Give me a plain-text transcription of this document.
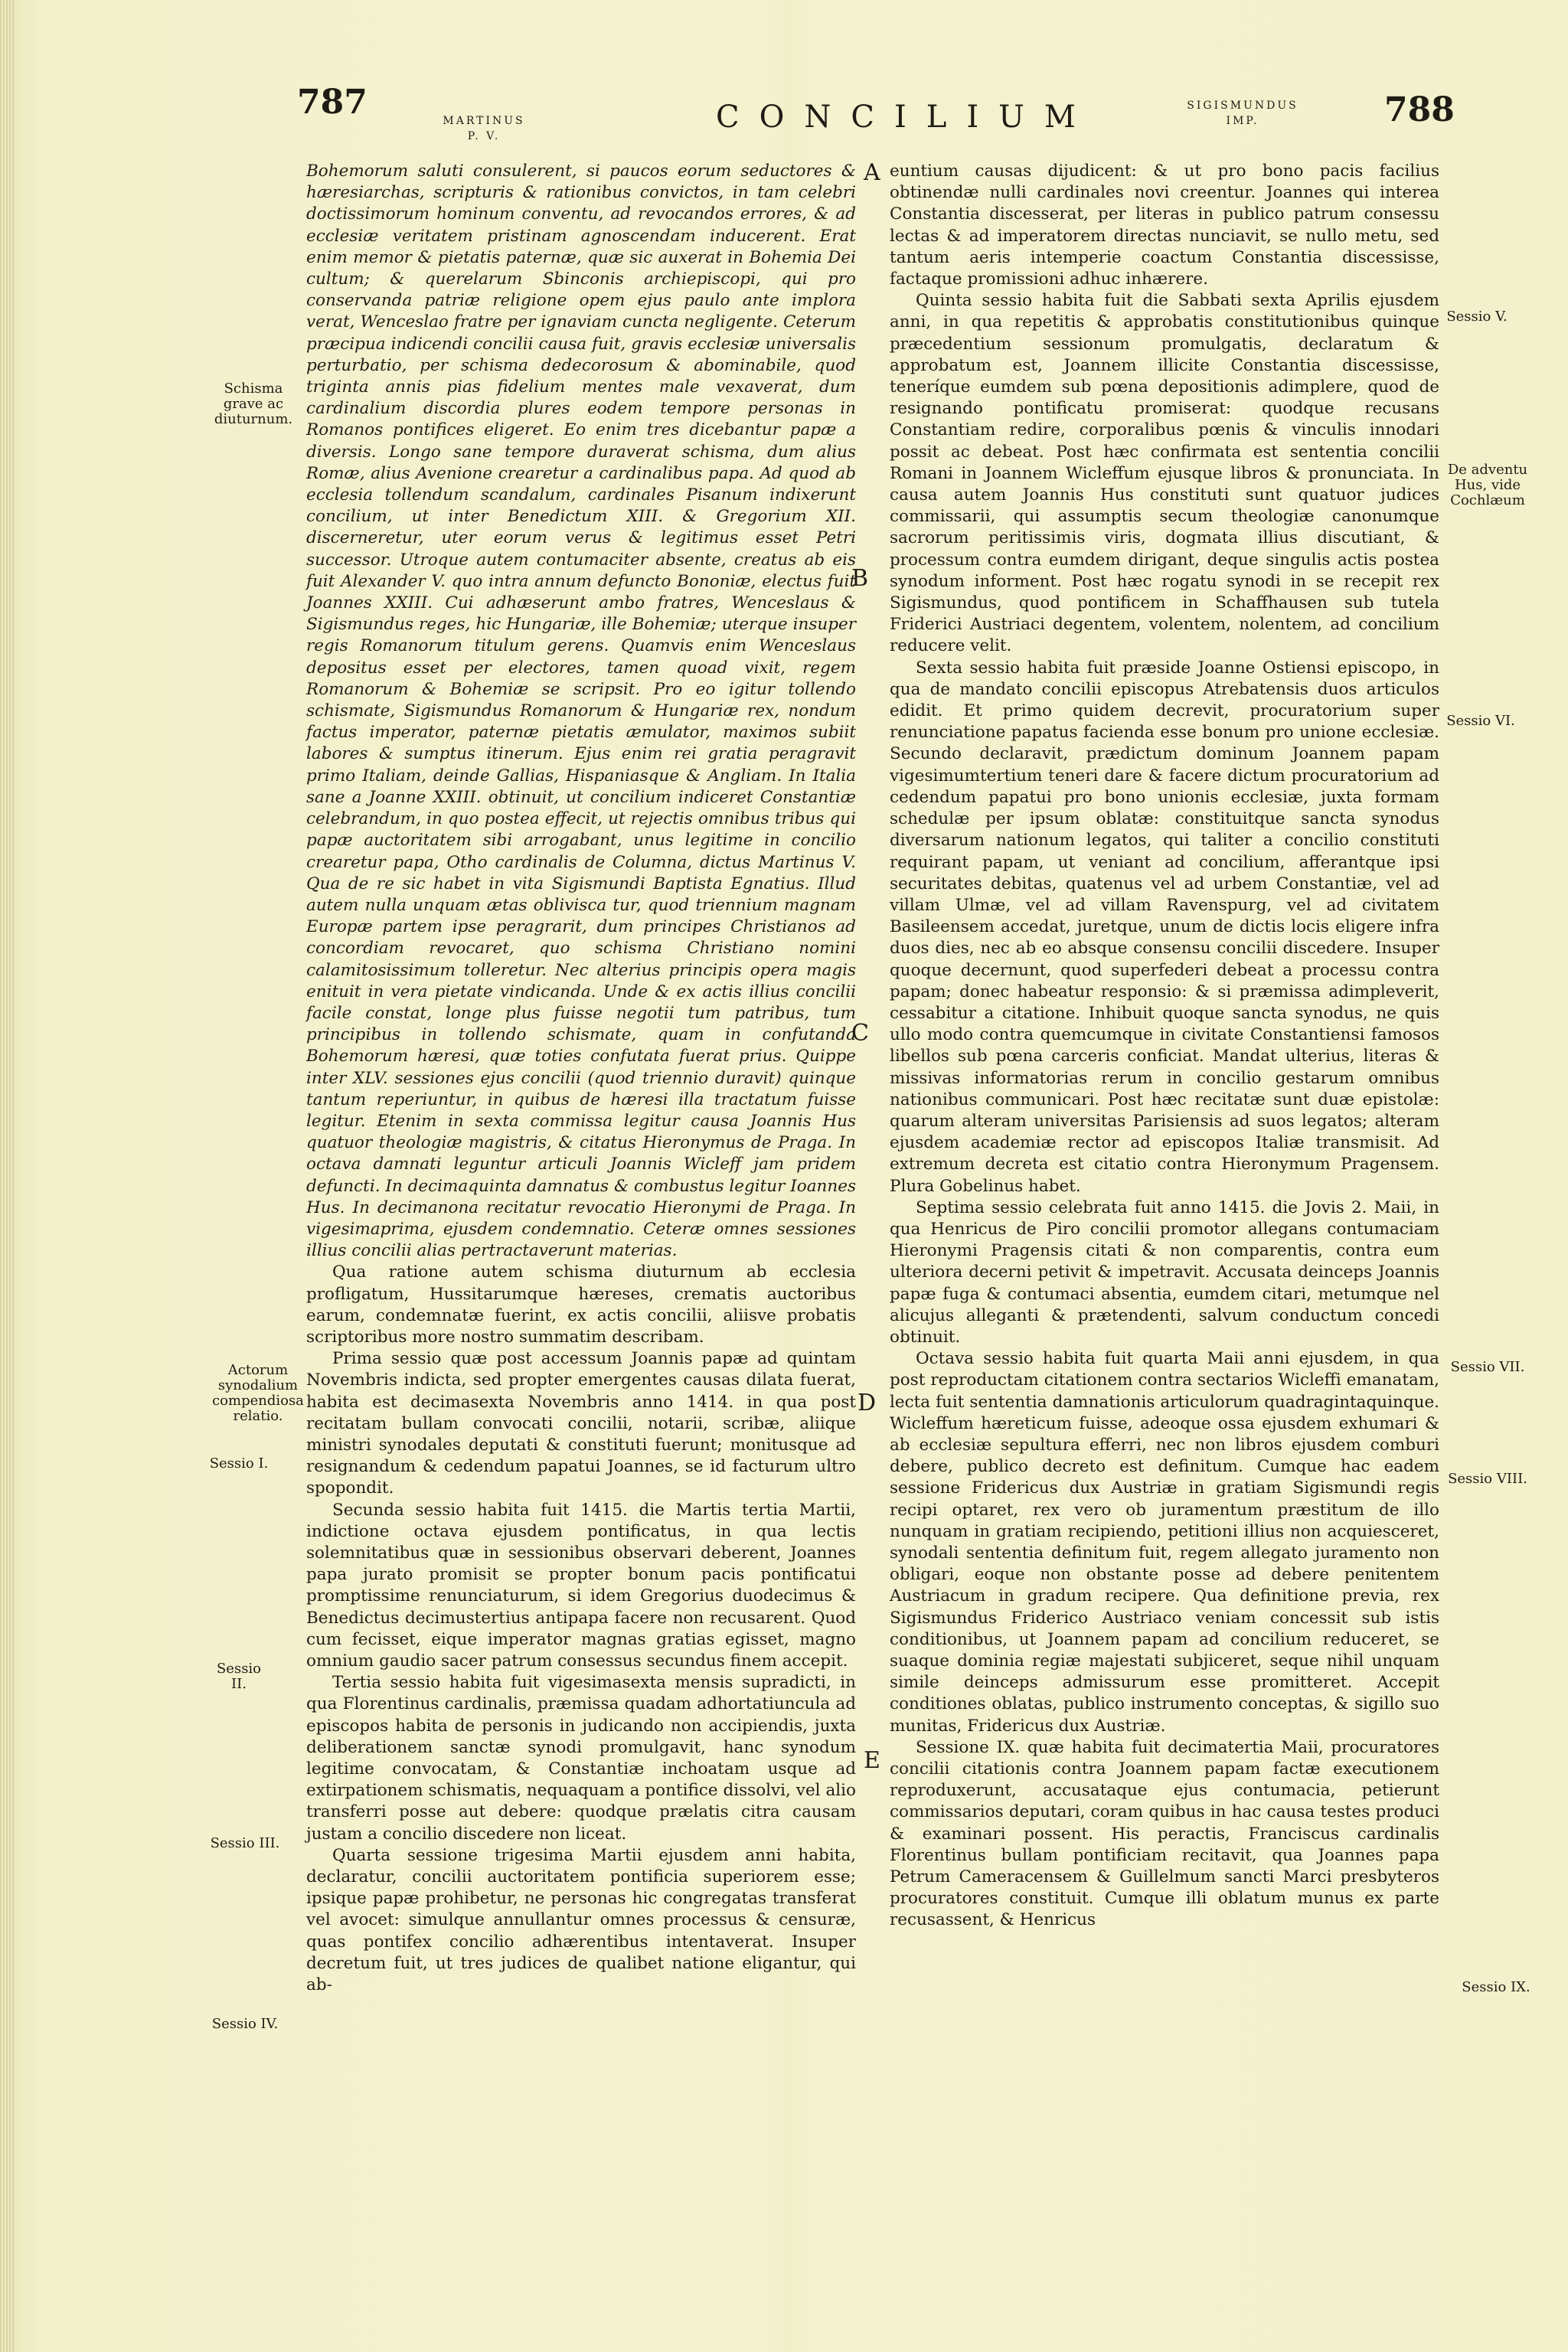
787	MARTINUS
P. V.
CONCILIUM	SIGISMUNDUS
IMP.	788
A
B
C
D
E
Schisma grave ac diuturnum.
Actorum synodalium compendiosa relatio.
Sessio I.
Sessio II.
Sessio III.
Sessio IV.
Sessio V.
De adventu Hus, vide Cochlæum
Sessio VI.
Sessio VII.
Sessio VIII.
Sessio IX.

Bohemorum saluti consulerent, si paucos eorum seductores & hæresiarchas, scripturis & rationibus convictos, in tam celebri doctissimorum hominum conventu, ad revocandos errores, & ad ecclesiæ veritatem pristinam agnoscendam inducerent. Erat enim memor & pietatis paternæ, quæ sic auxerat in Bohemia Dei cultum; & querelarum Sbinconis archiepiscopi, qui pro conservanda patriæ religione opem ejus paulo ante implora verat, Wenceslao fratre per ignaviam cuncta negligente. Ceterum præcipua indicendi concilii causa fuit, gravis ecclesiæ universalis perturbatio, per schisma dedecorosum & abominabile, quod triginta annis pias fidelium mentes male vexaverat, dum cardinalium discordia plures eodem tempore personas in Romanos pontifices eligeret. Eo enim tres dicebantur papæ a diversis. Longo sane tempore duraverat schisma, dum alius Romæ, alius Avenione crearetur a cardinalibus papa. Ad quod ab ecclesia tollendum scandalum, cardinales Pisanum indixerunt concilium, ut inter Benedictum XIII. & Gregorium XII. discerneretur, uter eorum verus & legitimus esset Petri successor. Utroque autem contumaciter absente, creatus ab eis fuit Alexander V. quo intra annum defuncto Bononiæ, electus fuit Joannes XXIII. Cui adhæserunt ambo fratres, Wenceslaus & Sigismundus reges, hic Hungariæ, ille Bohemiæ; uterque insuper regis Romanorum titulum gerens. Quamvis enim Wenceslaus depositus esset per electores, tamen quoad vixit, regem Romanorum & Bohemiæ se scripsit. Pro eo igitur tollendo schismate, Sigismundus Romanorum & Hungariæ rex, nondum factus imperator, paternæ pietatis æmulator, maximos subiit labores & sumptus itinerum. Ejus enim rei gratia peragravit primo Italiam, deinde Gallias, Hispaniasque & Angliam. In Italia sane a Joanne XXIII. obtinuit, ut concilium indiceret Constantiæ celebrandum, in quo postea effecit, ut rejectis omnibus tribus qui papæ auctoritatem sibi arrogabant, unus legitime in concilio crearetur papa, Otho cardinalis de Columna, dictus Martinus V. Qua de re sic habet in vita Sigismundi Baptista Egnatius. Illud autem nulla unquam ætas oblivisca tur, quod triennium magnam Europæ partem ipse peragrarit, dum principes Christianos ad concordiam revocaret, quo schisma Christiano nomini calamitosissimum tolleretur. Nec alterius principis opera magis enituit in vera pietate vindicanda. Unde & ex actis illius concilii facile constat, longe plus fuisse negotii tum patribus, tum principibus in tollendo schismate, quam in confutanda Bohemorum hæresi, quæ toties confutata fuerat prius. Quippe inter XLV. sessiones ejus concilii (quod triennio duravit) quinque tantum reperiuntur, in quibus de hæresi illa tractatum fuisse legitur. Etenim in sexta commissa legitur causa Joannis Hus quatuor theologiæ magistris, & citatus Hieronymus de Praga. In octava damnati leguntur articuli Joannis Wicleff jam pridem defuncti. In decimaquinta damnatus & combustus legitur Ioannes Hus. In decimanona recitatur revocatio Hieronymi de Praga. In vigesimaprima, ejusdem condemnatio. Ceteræ omnes sessiones illius concilii alias pertractaverunt materias.

Qua ratione autem schisma diuturnum ab ecclesia profligatum, Hussitarumque hæreses, crematis auctoribus earum, condemnatæ fuerint, ex actis concilii, aliisve probatis scriptoribus more nostro summatim describam.

Prima sessio quæ post accessum Joannis papæ ad quintam Novembris indicta, sed propter emergentes causas dilata fuerat, habita est decimasexta Novembris anno 1414. in qua post recitatam bullam convocati concilii, notarii, scribæ, aliique ministri synodales deputati & constituti fuerunt; monitusque ad resignandum & cedendum papatui Joannes, se id facturum ultro spopondit.

Secunda sessio habita fuit 1415. die Martis tertia Martii, indictione octava ejusdem pontificatus, in qua lectis solemnitatibus quæ in sessionibus observari deberent, Joannes papa jurato promisit se propter bonum pacis pontificatui promptissime renunciaturum, si idem Gregorius duodecimus & Benedictus decimustertius antipapa facere non recusarent. Quod cum fecisset, eique imperator magnas gratias egisset, magno omnium gaudio sacer patrum consessus secundus finem accepit.

Tertia sessio habita fuit vigesimasexta mensis supradicti, in qua Florentinus cardinalis, præmissa quadam adhortatiuncula ad episcopos habita de personis in judicando non accipiendis, juxta deliberationem sanctæ synodi promulgavit, hanc synodum legitime convocatam, & Constantiæ inchoatam usque ad extirpationem schismatis, nequaquam a pontifice dissolvi, vel alio transferri posse aut debere: quodque prælatis citra causam justam a concilio discedere non liceat.

Quarta sessione trigesima Martii ejusdem anni habita, declaratur, concilii auctoritatem pontificia superiorem esse; ipsique papæ prohibetur, ne personas hic congregatas transferat vel avocet: simulque annullantur omnes processus & censuræ, quas pontifex concilio adhærentibus intentaverat. Insuper decretum fuit, ut tres judices de qualibet natione eligantur, qui ab-

euntium causas dijudicent: & ut pro bono pacis facilius obtinendæ nulli cardinales novi creentur. Joannes qui interea Constantia discesserat, per literas in publico patrum consessu lectas & ad imperatorem directas nunciavit, se nullo metu, sed tantum aeris intemperie coactum Constantia discessisse, factaque promissioni adhuc inhærere.

Quinta sessio habita fuit die Sabbati sexta Aprilis ejusdem anni, in qua repetitis & approbatis constitutionibus quinque præcedentium sessionum promulgatis, declaratum & approbatum est, Joannem illicite Constantia discessisse, teneríque eumdem sub pœna depositionis adimplere, quod de resignando pontificatu promiserat: quodque recusans Constantiam redire, corporalibus pœnis & vinculis innodari possit ac debeat. Post hæc confirmata est sententia concilii Romani in Joannem Wicleffum ejusque libros & pronunciata. In causa autem Joannis Hus constituti sunt quatuor judices commissarii, qui assumptis secum theologiæ canonumque sacrorum peritissimis viris, dogmata illius discutiant, & processum contra eumdem dirigant, deque singulis actis postea synodum informent. Post hæc rogatu synodi in se recepit rex Sigismundus, quod pontificem in Schaffhausen sub tutela Friderici Austriaci degentem, volentem, nolentem, ad concilium reducere velit.

Sexta sessio habita fuit præside Joanne Ostiensi episcopo, in qua de mandato concilii episcopus Atrebatensis duos articulos edidit. Et primo quidem decrevit, procuratorium super renunciatione papatus faciendа esse bonum pro unione ecclesiæ. Secundo declaravit, prædictum dominum Joannem papam vigesimumtertium teneri dare & facere dictum procuratorium ad cedendum papatui pro bono unionis ecclesiæ, juxta formam schedulæ per ipsum oblatæ: constituitque sancta synodus diversarum nationum legatos, qui taliter a concilio constituti requirant papam, ut veniant ad concilium, afferantque ipsi securitates debitas, quatenus vel ad urbem Constantiæ, vel ad villam Ulmæ, vel ad villam Ravenspurg, vel ad civitatem Basileensem accedat, juretque, unum de dictis locis eligere infra duos dies, nec ab eo absque consensu concilii discedere. Insuper quoque decernunt, quod superfederi debeat a processu contra papam; donec habeatur responsio: & si præmissa adimpleverit, cessabitur a citatione. Inhibuit quoque sancta synodus, ne quis ullo modo contra quemcumque in civitate Constantiensi famosos libellos sub pœna carceris conficiat. Mandat ulterius, literas & missivas informatorias rerum in concilio gestarum omnibus nationibus communicari. Post hæc recitatæ sunt duæ epistolæ: quarum alteram universitas Parisiensis ad suos legatos; alteram ejusdem academiæ rector ad episcopos Italiæ transmisit. Ad extremum decreta est citatio contra Hieronymum Pragensem. Plura Gobelinus habet.

Septima sessio celebrata fuit anno 1415. die Jovis 2. Maii, in qua Henricus de Piro concilii promotor allegans contumaciam Hieronymi Pragensis citati & non comparentis, contra eum ulteriora decerni petivit & impetravit. Accusata deinceps Joannis papæ fuga & contumaci absentia, eumdem citari, metumque nel alicujus alleganti & prætendenti, salvum conductum concedi obtinuit.

Octava sessio habita fuit quarta Maii anni ejusdem, in qua post reproductam citationem contra sectarios Wicleffi emanatam, lecta fuit sententia damnationis articulorum quadragintaquinque. Wicleffum hæreticum fuisse, adeoque ossa ejusdem exhumari & ab ecclesiæ sepultura efferri, nec non libros ejusdem comburi debere, publico decreto est definitum. Cumque hac eadem sessione Fridericus dux Austriæ in gratiam Sigismundi regis recipi optaret, rex vero ob juramentum præstitum de illo nunquam in gratiam recipiendo, petitioni illius non acquiesceret, synodali sententia definitum fuit, regem allegato juramento non obligari, eoque non obstante posse ad debere penitentem Austriacum in gradum recipere. Qua definitione previa, rex Sigismundus Friderico Austriaco veniam concessit sub istis conditionibus, ut Joannem papam ad concilium reduceret, se suaque dominia regiæ majestati subjiceret, seque nihil unquam simile deinceps admissurum esse promitteret. Accepit conditiones oblatas, publico instrumento conceptas, & sigillo suo munitas, Fridericus dux Austriæ.

Sessione IX. quæ habita fuit decimatertia Maii, procuratores concilii citationis contra Joannem papam factæ executionem reproduxerunt, accusataque ejus contumacia, petierunt commissarios deputari, coram quibus in hac causa testes produci & examinari possent. His peractis, Franciscus cardinalis Florentinus bullam pontificiam recitavit, qua Joannes papa Petrum Cameracensem & Guillelmum sancti Marci presbyteros procuratores constituit. Cumque illi oblatum munus ex parte recusassent, & Henricus
